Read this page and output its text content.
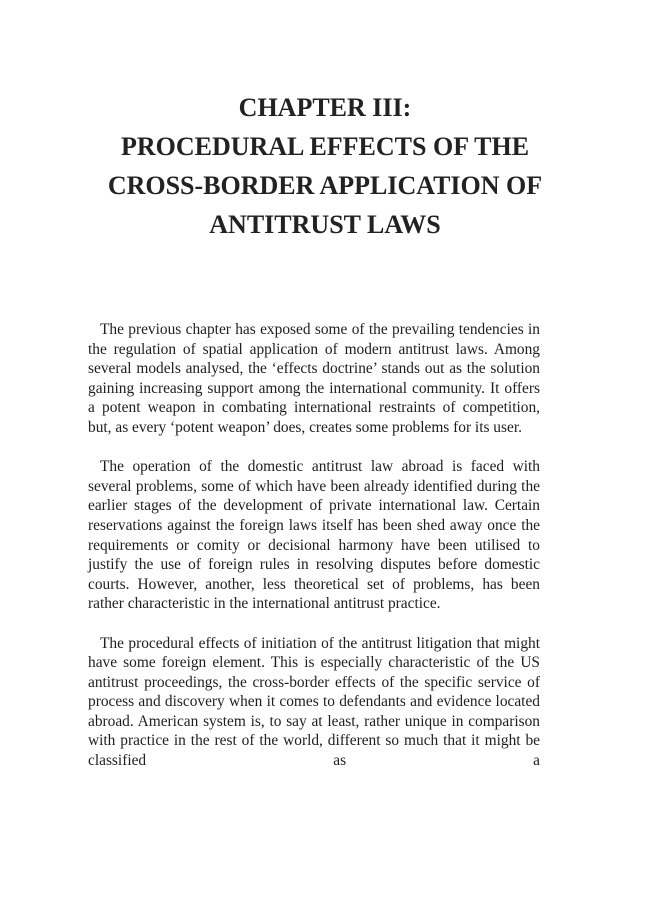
CHAPTER III:
PROCEDURAL EFFECTS OF THE
CROSS-BORDER APPLICATION OF
ANTITRUST LAWS

The previous chapter has exposed some of the prevailing tendencies in the regulation of spatial application of modern antitrust laws. Among several models analysed, the ‘effects doctrine’ stands out as the solution gaining increasing support among the international community. It offers a potent weapon in combating international restraints of competition, but, as every ‘potent weapon’ does, creates some problems for its user.

The operation of the domestic antitrust law abroad is faced with several problems, some of which have been already identified during the earlier stages of the development of private international law. Certain reservations against the foreign laws itself has been shed away once the requirements or comity or decisional harmony have been utilised to justify the use of foreign rules in resolving disputes before domestic courts. However, another, less theoretical set of problems, has been rather characteristic in the international antitrust practice.

The procedural effects of initiation of the antitrust litigation that might have some foreign element. This is especially characteristic of the US antitrust proceedings, the cross-border effects of the specific service of process and discovery when it comes to defendants and evidence located abroad. American system is, to say at least, rather unique in comparison with practice in the rest of the world, different so much that it might be classified as a
